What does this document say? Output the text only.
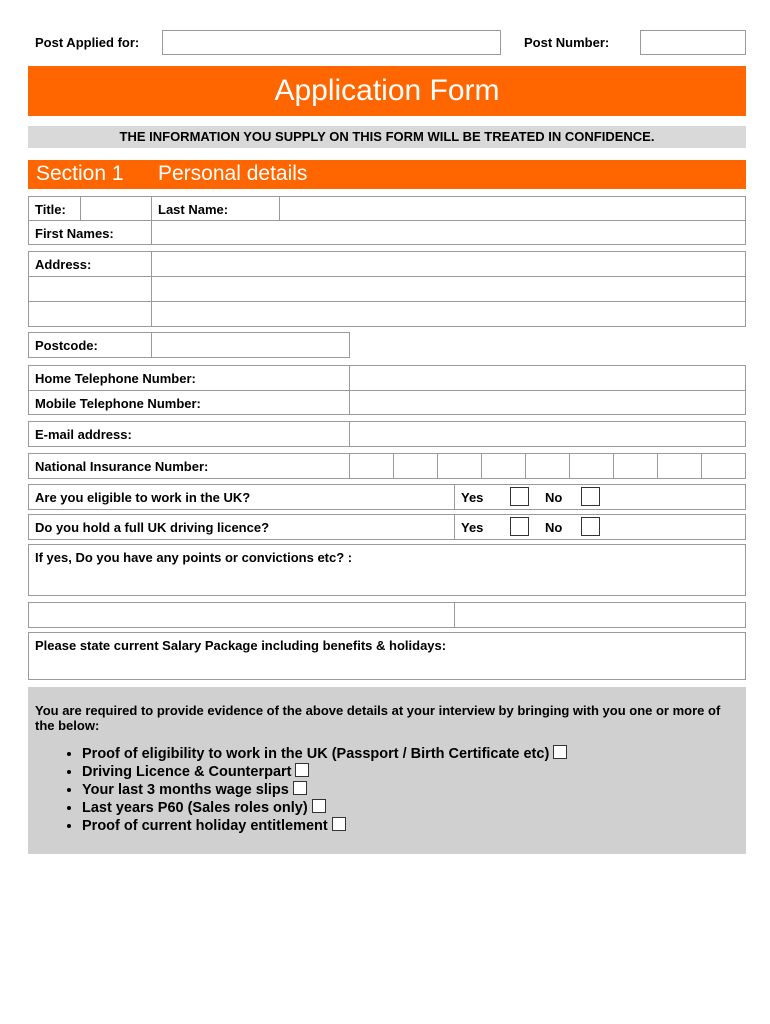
Post Applied for:	Post Number:
Application Form
THE INFORMATION YOU SUPPLY ON THIS FORM WILL BE TREATED IN CONFIDENCE.
Section 1 Personal details
Title:	Last Name:
First Names:
Address:
Postcode:
Home Telephone Number:
Mobile Telephone Number:
E-mail address:
National Insurance Number:
Are you eligible to work in the UK?	Yes	No
Do you hold a full UK driving licence?	Yes	No
If yes, Do you have any points or convictions etc? :
Please state current Salary Package including benefits & holidays:
You are required to provide evidence of the above details at your interview by bringing with you one or more of the below:
• Proof of eligibility to work in the UK (Passport / Birth Certificate etc)
• Driving Licence & Counterpart
• Your last 3 months wage slips
• Last years P60 (Sales roles only)
• Proof of current holiday entitlement
